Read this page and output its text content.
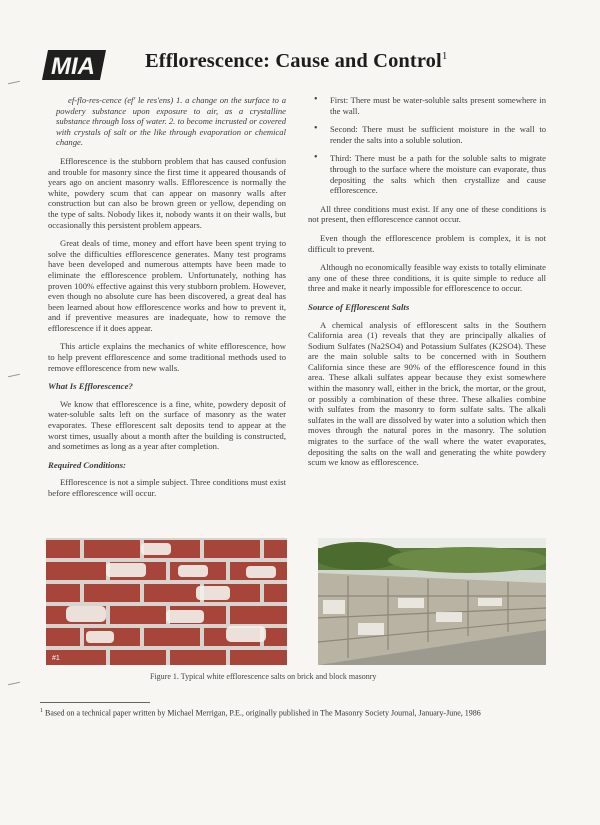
MIA Efflorescence: Cause and Control$^1$

ef-flo-res-cence (ef' le res'ens) 1. a change on the surface to a powdery substance upon exposure to air, as a crystalline substance through loss of water. 2. to become incrusted or covered with crystals of salt or the like through evaporation or chemical change.

Efflorescence is the stubborn problem that has caused confusion and trouble for masonry since the first time it appeared thousands of years ago on ancient masonry walls. Efflorescence is normally the white, powdery scum that can appear on masonry walls after construction but can also be brown green or yellow, depending on the type of salts. Nobody likes it, nobody wants it on their walls, but occasionally this persistent problem appears.

Great deals of time, money and effort have been spent trying to solve the difficulties efflorescence generates. Many test programs have been developed and numerous attempts have been made to eliminate the efflorescence problem. Unfortunately, nothing has proven 100% effective against this very stubborn problem. However, even though no absolute cure has been discovered, a great deal has been learned about how efflorescence works and how to prevent it, and if preventive measures are inadequate, how to remove the efflorescence if it does appear.

This article explains the mechanics of white efflorescence, how to help prevent efflorescence and some traditional methods used to remove efflorescence from new walls.

What Is Efflorescence?

We know that efflorescence is a fine, white, powdery deposit of water-soluble salts left on the surface of masonry as the water evaporates. These efflorescent salt deposits tend to appear at the worst times, usually about a month after the building is constructed, and sometimes as long as a year after completion.

Required Conditions:

Efflorescence is not a simple subject. Three conditions must exist before efflorescence will occur.

• First: There must be water-soluble salts present somewhere in the wall.
• Second: There must be sufficient moisture in the wall to render the salts into a soluble solution.
• Third: There must be a path for the soluble salts to migrate through to the surface where the moisture can evaporate, thus depositing the salts which then crystallize and cause efflorescence.

All three conditions must exist. If any one of these conditions is not present, then efflorescence cannot occur.

Even though the efflorescence problem is complex, it is not difficult to prevent.

Although no economically feasible way exists to totally eliminate any one of these three conditions, it is quite simple to reduce all three and make it nearly impossible for efflorescence to occur.

Source of Efflorescent Salts

A chemical analysis of efflorescent salts in the Southern California area (1) reveals that they are principally alkalies of Sodium Sulfates (Na2SO4) and Potassium Sulfates (K2SO4). These are the main soluble salts to be concerned with in Southern California since these are 90% of the efflorescence found in this area. These alkali sulfates appear because they exist somewhere within the masonry wall, either in the brick, the mortar, or the grout, or possibly a combination of these three. These alkalies combine with sulfates from the masonry to form sulfate salts. The alkali sulfates in the wall are dissolved by water into a solution which then moves through the natural pores in the masonry. The solution migrates to the surface of the wall where the water evaporates, depositing the salts on the wall and generating the white powdery scum we know as efflorescence.

#1
Figure 1. Typical white efflorescence salts on brick and block masonry
$^1$ Based on a technical paper written by Michael Merrigan, P.E., originally published in The Masonry Society Journal, January-June, 1986
